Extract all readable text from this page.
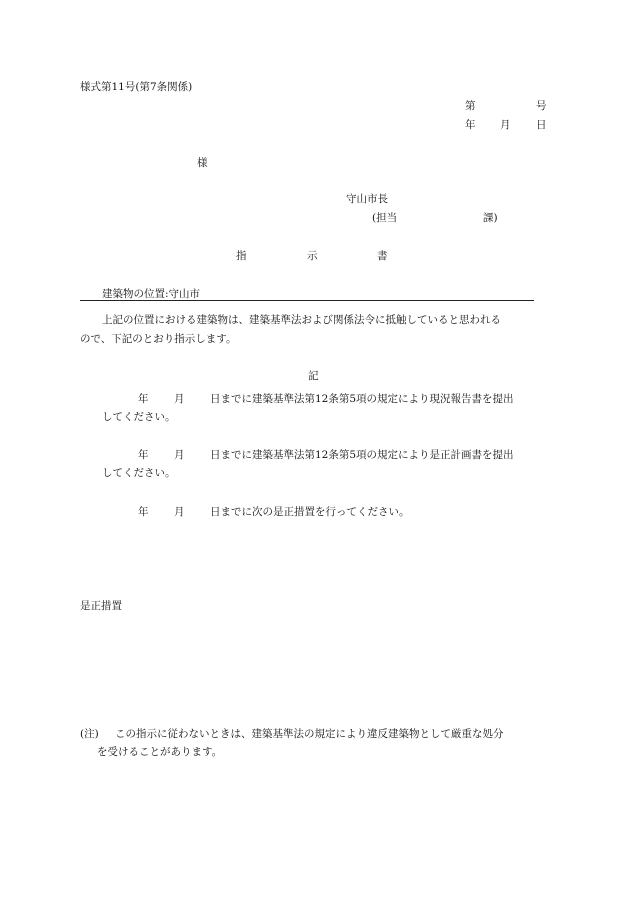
様式第11号(第7条関係)
第	号
年 月 日
様
守山市長
(担当	課)
指	示	書
建築物の位置:守山市
上記の位置における建築物は、建築基準法および関係法令に抵触していると思われる
ので、下記のとおり指示します。
記
年 月 日までに建築基準法第12条第5項の規定により現況報告書を提出
してください。
年 月 日までに建築基準法第12条第5項の規定により是正計画書を提出
してください。
年 月 日までに次の是正措置を行ってください。
是正措置
(注) この指示に従わないときは、建築基準法の規定により違反建築物として厳重な処分
を受けることがあります。
